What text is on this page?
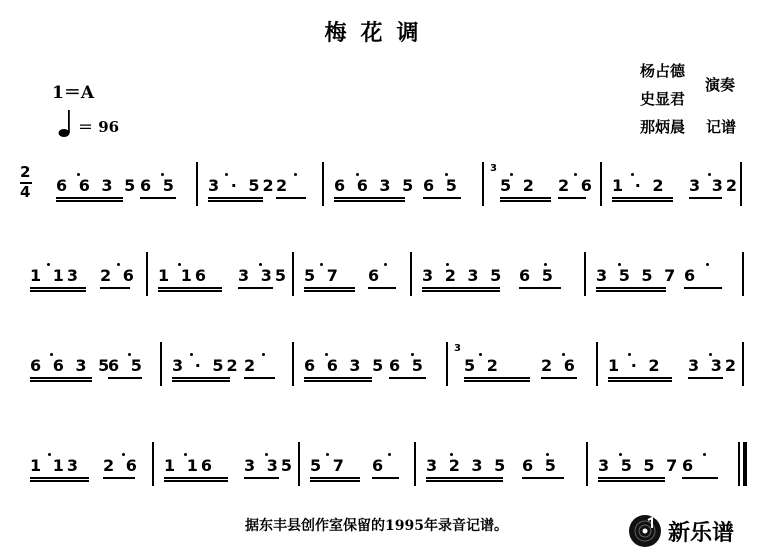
梅花调
1＝A
＝ 96
杨占德
史显君
演奏
那炳晨 记谱
2
4 6 6 3 5 6 5 3 · 52 2	6 6 3 5 6 5
3
5 2 2 6 1 · 2 3 32
1 13 2 6 1 16 3 35 5 7 6 3 2 3 5 6 5	3 5 5 7 6
6 6 3 5
6 5 3 · 52 2	6 6 3 5 6 5
3
5 2	2 6 1 · 2 3 32
1 13 2 6 1 16 3 35 5 7 6 3 2 3 5 6 5 3 5 5 7 6
据东丰县创作室保留的1995年录音记谱。	新乐谱
